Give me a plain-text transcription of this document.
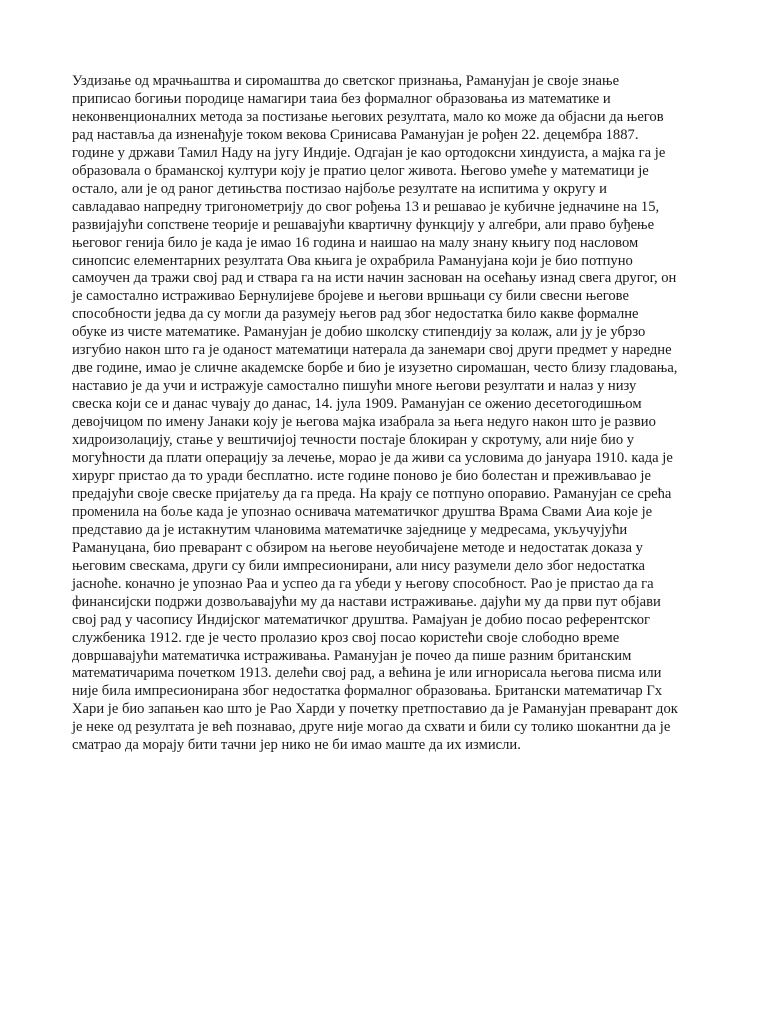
Уздизање од мрачњаштва и сиромаштва до светског признања, Рамануjан је своје знање
приписао богињи породице намагири таиа без формалног образовања из математике и
неконвенционалних метода за постизање његових резултата, мало ко може да објасни да његов
рад наставља да изненађује током векова Сринисава Рамануjан је рођен 22. децембра 1887.
године у држави Тамил Наду на југу Индије. Одгајан је као ортодоксни хиндуиста, а мајка га је
образовала о браманској култури коју је пратио целог живота. Његово умеће у математици је
остало, али је од раног детињства постизао најбоље резултате на испитима у округу и
савладавао напредну тригонометрију до свог рођења 13 и решавао је кубичне једначине на 15,
развијајући сопствене теорије и решавајући квартичну функцију у алгебри, али право буђење
његовог генија било је када је имао 16 година и наишао на малу знану књигу под насловом
синопсис елементарних резултата Ова књига је охрабрила Рамануjана који је био потпуно
самоучен да тражи свој рад и ствара га на исти начин заснован на осећању изнад свега другог, он
је самостално истраживао Бернулијеве бројеве и његови вршњаци су били свесни његове
способности једва да су могли да разумеју његов рад због недостатка било какве формалне
обуке из чисте математике. Рамануjан је добио школску стипендију за колаж, али ју је убрзо
изгубио након што га је оданост математици натерала да занемари свој други предмет у наредне
две године, имао је сличне академске борбе и био је изузетно сиромашан, често близу гладовања,
наставио је да учи и истражује самостално пишући многе његови резултати и налаз у низу
свеска који се и данас чувају до данас, 14. јула 1909. Рамануjан се оженио десетогодишњом
девојчицом по имену Јанаки коју је његова мајка изабрала за њега недуго након што је развио
хидроизолацију, стање у вештичијој течности постаје блокиран у скротуму, али није био у
могућности да плати операцију за лечење, морао је да живи са условима до јануара 1910. када је
хирург пристао да то уради бесплатно. исте године поново је био болестан и преживљавао је
предајући своје свеске пријатељу да га преда. На крају се потпуно опоравио. Рамануjан се срећа
променила на боље када је упознао оснивача математичког друштва Врама Свами Аиа које је
представио да је истакнутим члановима математичке заједнице у медресама, укључујући
Рамануцана, био преварант с обзиром на његове неуобичајене методе и недостатак доказа у
његовим свескама, други су били импресионирани, али нису разумели дело због недостатка
јасноће. коначно је упознао Раа и успео да га убеди у његову способност. Рао је пристао да га
финансијски подржи дозвољавајући му да настави истраживање. дајући му да први пут објави
свој рад у часопису Индијског математичког друштва. Рамаjуан је добио посао референтског
службеника 1912. где је често пролазио кроз свој посао користећи своје слободно време
довршавајући математичка истраживања. Рамануjан је почео да пише разним британским
математичарима почетком 1913. делећи свој рад, а већина је или игнорисала његова писма или
није била импресионирана због недостатка формалног образовања. Британски математичар Гх
Хари је био запањен као што је Рао Харди у почетку претпоставио да је Рамануjан преварант док
је неке од резултата је већ познавао, друге није могао да схвати и били су толико шокантни да је
сматрао да морају бити тачни јер нико не би имао маште да их измисли.
